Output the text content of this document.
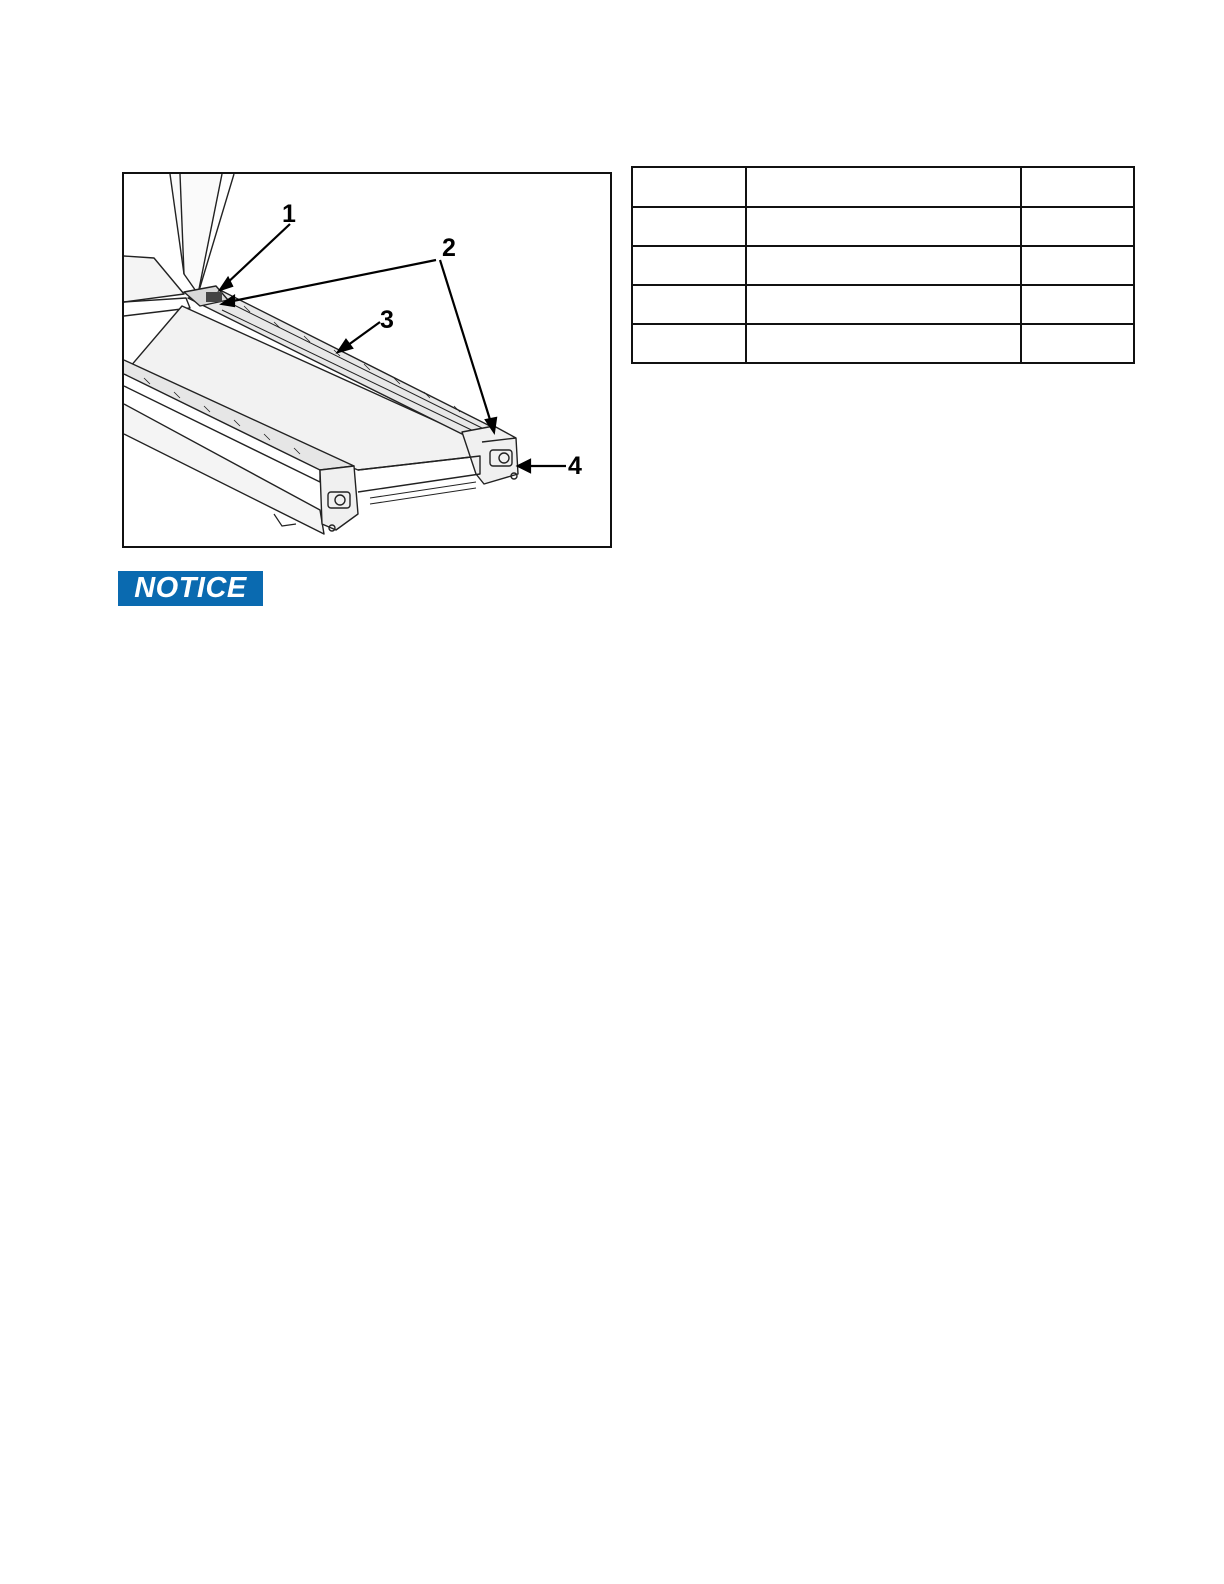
1
2
3
4

NOTICE
